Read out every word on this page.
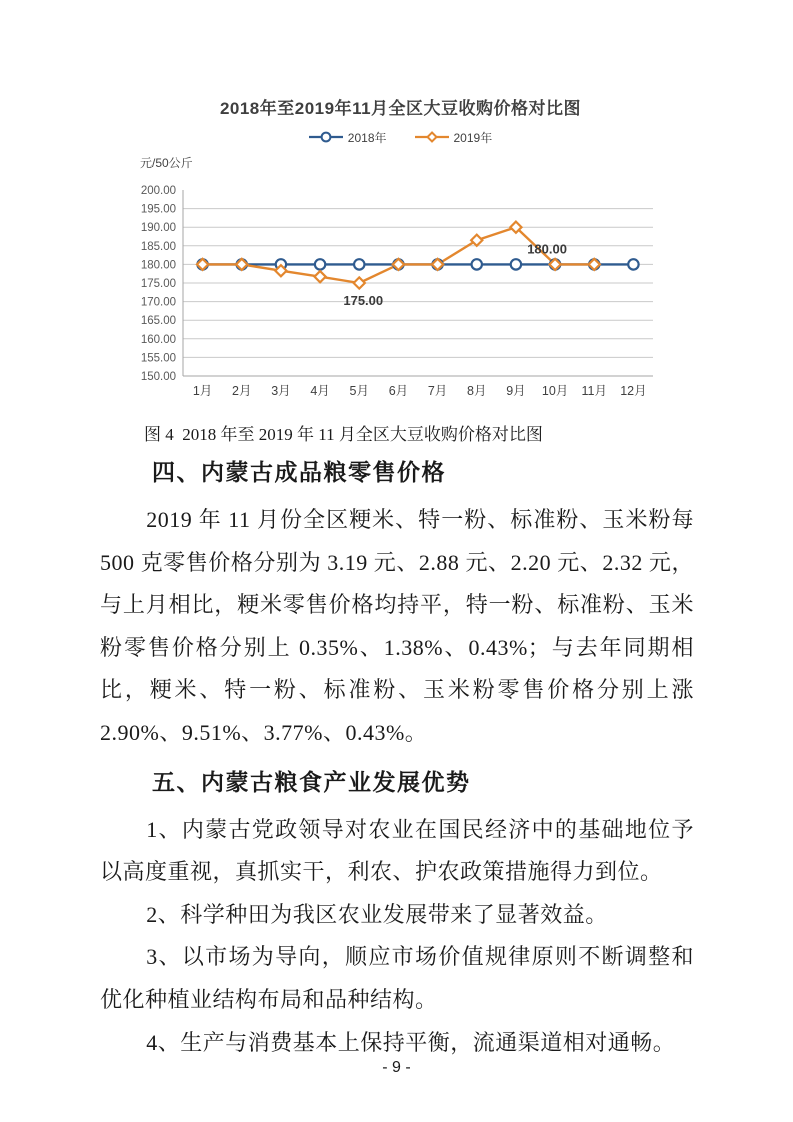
2018年至2019年11月全区大豆收购价格对比图
2018年	2019年
元/50公斤
150.00
155.00
160.00
165.00
170.00
175.00
180.00
185.00
190.00
195.00
200.00
1月 2月 3月 4月 5月 6月 7月 8月 9月 10月 11月 12月
175.00
180.00

图 4  2018 年至 2019 年 11 月全区大豆收购价格对比图

四、内蒙古成品粮零售价格

2019 年 11 月份全区粳米、特一粉、标准粉、玉米粉每 500 克零售价格分别为 3.19 元、2.88 元、2.20 元、2.32 元，与上月相比，粳米零售价格均持平，特一粉、标准粉、玉米粉零售价格分别上 0.35%、1.38%、0.43%；与去年同期相比，粳米、特一粉、标准粉、玉米粉零售价格分别上涨 2.90%、9.51%、3.77%、0.43%。

五、内蒙古粮食产业发展优势

1、内蒙古党政领导对农业在国民经济中的基础地位予以高度重视，真抓实干，利农、护农政策措施得力到位。

2、科学种田为我区农业发展带来了显著效益。

3、以市场为导向，顺应市场价值规律原则不断调整和优化种植业结构布局和品种结构。

4、生产与消费基本上保持平衡，流通渠道相对通畅。

- 9 -
